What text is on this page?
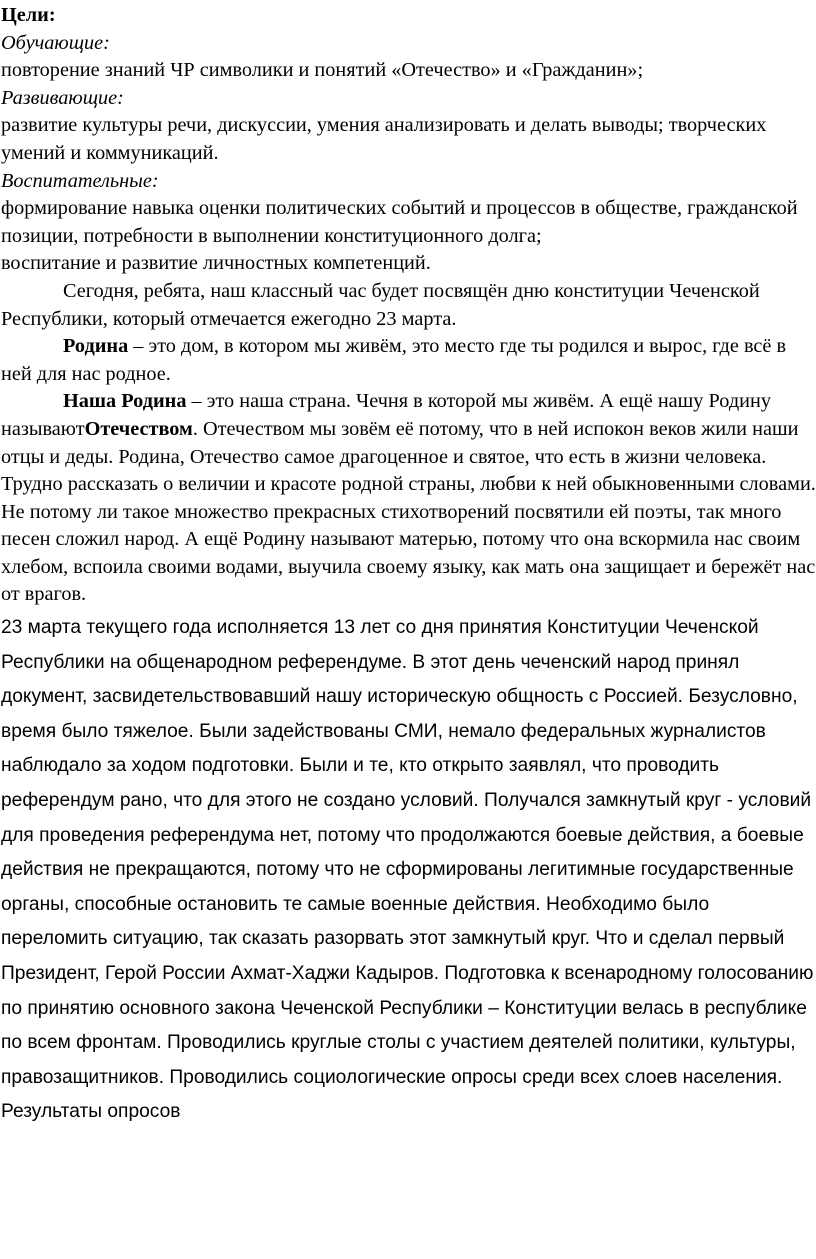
Цели:

Обучающие:

повторение знаний ЧР символики и понятий «Отечество» и «Гражданин»;

Развивающие:

развитие культуры речи, дискуссии, умения анализировать и делать выводы; творческих умений и коммуникаций.

Воспитательные:

формирование навыка оценки политических событий и процессов в обществе, гражданской позиции, потребности в выполнении конституционного долга;

воспитание и развитие личностных компетенций.

Сегодня, ребята, наш классный час будет посвящён дню конституции Чеченской Республики, который отмечается ежегодно 23 марта.

Родина – это дом, в котором мы живём, это место где ты родился и вырос, где всё в ней для нас родное.

Наша Родина – это наша страна. Чечня в которой мы живём. А ещё нашу Родину называютОтечеством. Отечеством мы зовём её потому, что в ней испокон веков жили наши отцы и деды. Родина, Отечество самое драгоценное и святое, что есть в жизни человека. Трудно рассказать о величии и красоте родной страны, любви к ней обыкновенными словами. Не потому ли такое множество прекрасных стихотворений посвятили ей поэты, так много песен сложил народ. А ещё Родину называют матерью, потому что она вскормила нас своим хлебом, вспоила своими водами, выучила своему языку, как мать она защищает и бережёт нас от врагов.

23 марта текущего года исполняется 13 лет со дня принятия Конституции Чеченской Республики на общенародном референдуме. В этот день чеченский народ принял документ, засвидетельствовавший нашу историческую общность с Россией. Безусловно, время было тяжелое. Были задействованы СМИ, немало федеральных журналистов наблюдало за ходом подготовки. Были и те, кто открыто заявлял, что проводить референдум рано, что для этого не создано условий. Получался замкнутый круг - условий для проведения референдума нет, потому что продолжаются боевые действия, а боевые действия не прекращаются, потому что не сформированы легитимные государственные органы, способные остановить те самые военные действия. Необходимо было переломить ситуацию, так сказать разорвать этот замкнутый круг. Что и сделал первый Президент, Герой России Ахмат-Хаджи Кадыров. Подготовка к всенародному голосованию по принятию основного закона Чеченской Республики – Конституции велась в республике по всем фронтам. Проводились круглые столы с участием деятелей политики, культуры, правозащитников. Проводились социологические опросы среди всех слоев населения. Результаты опросов
